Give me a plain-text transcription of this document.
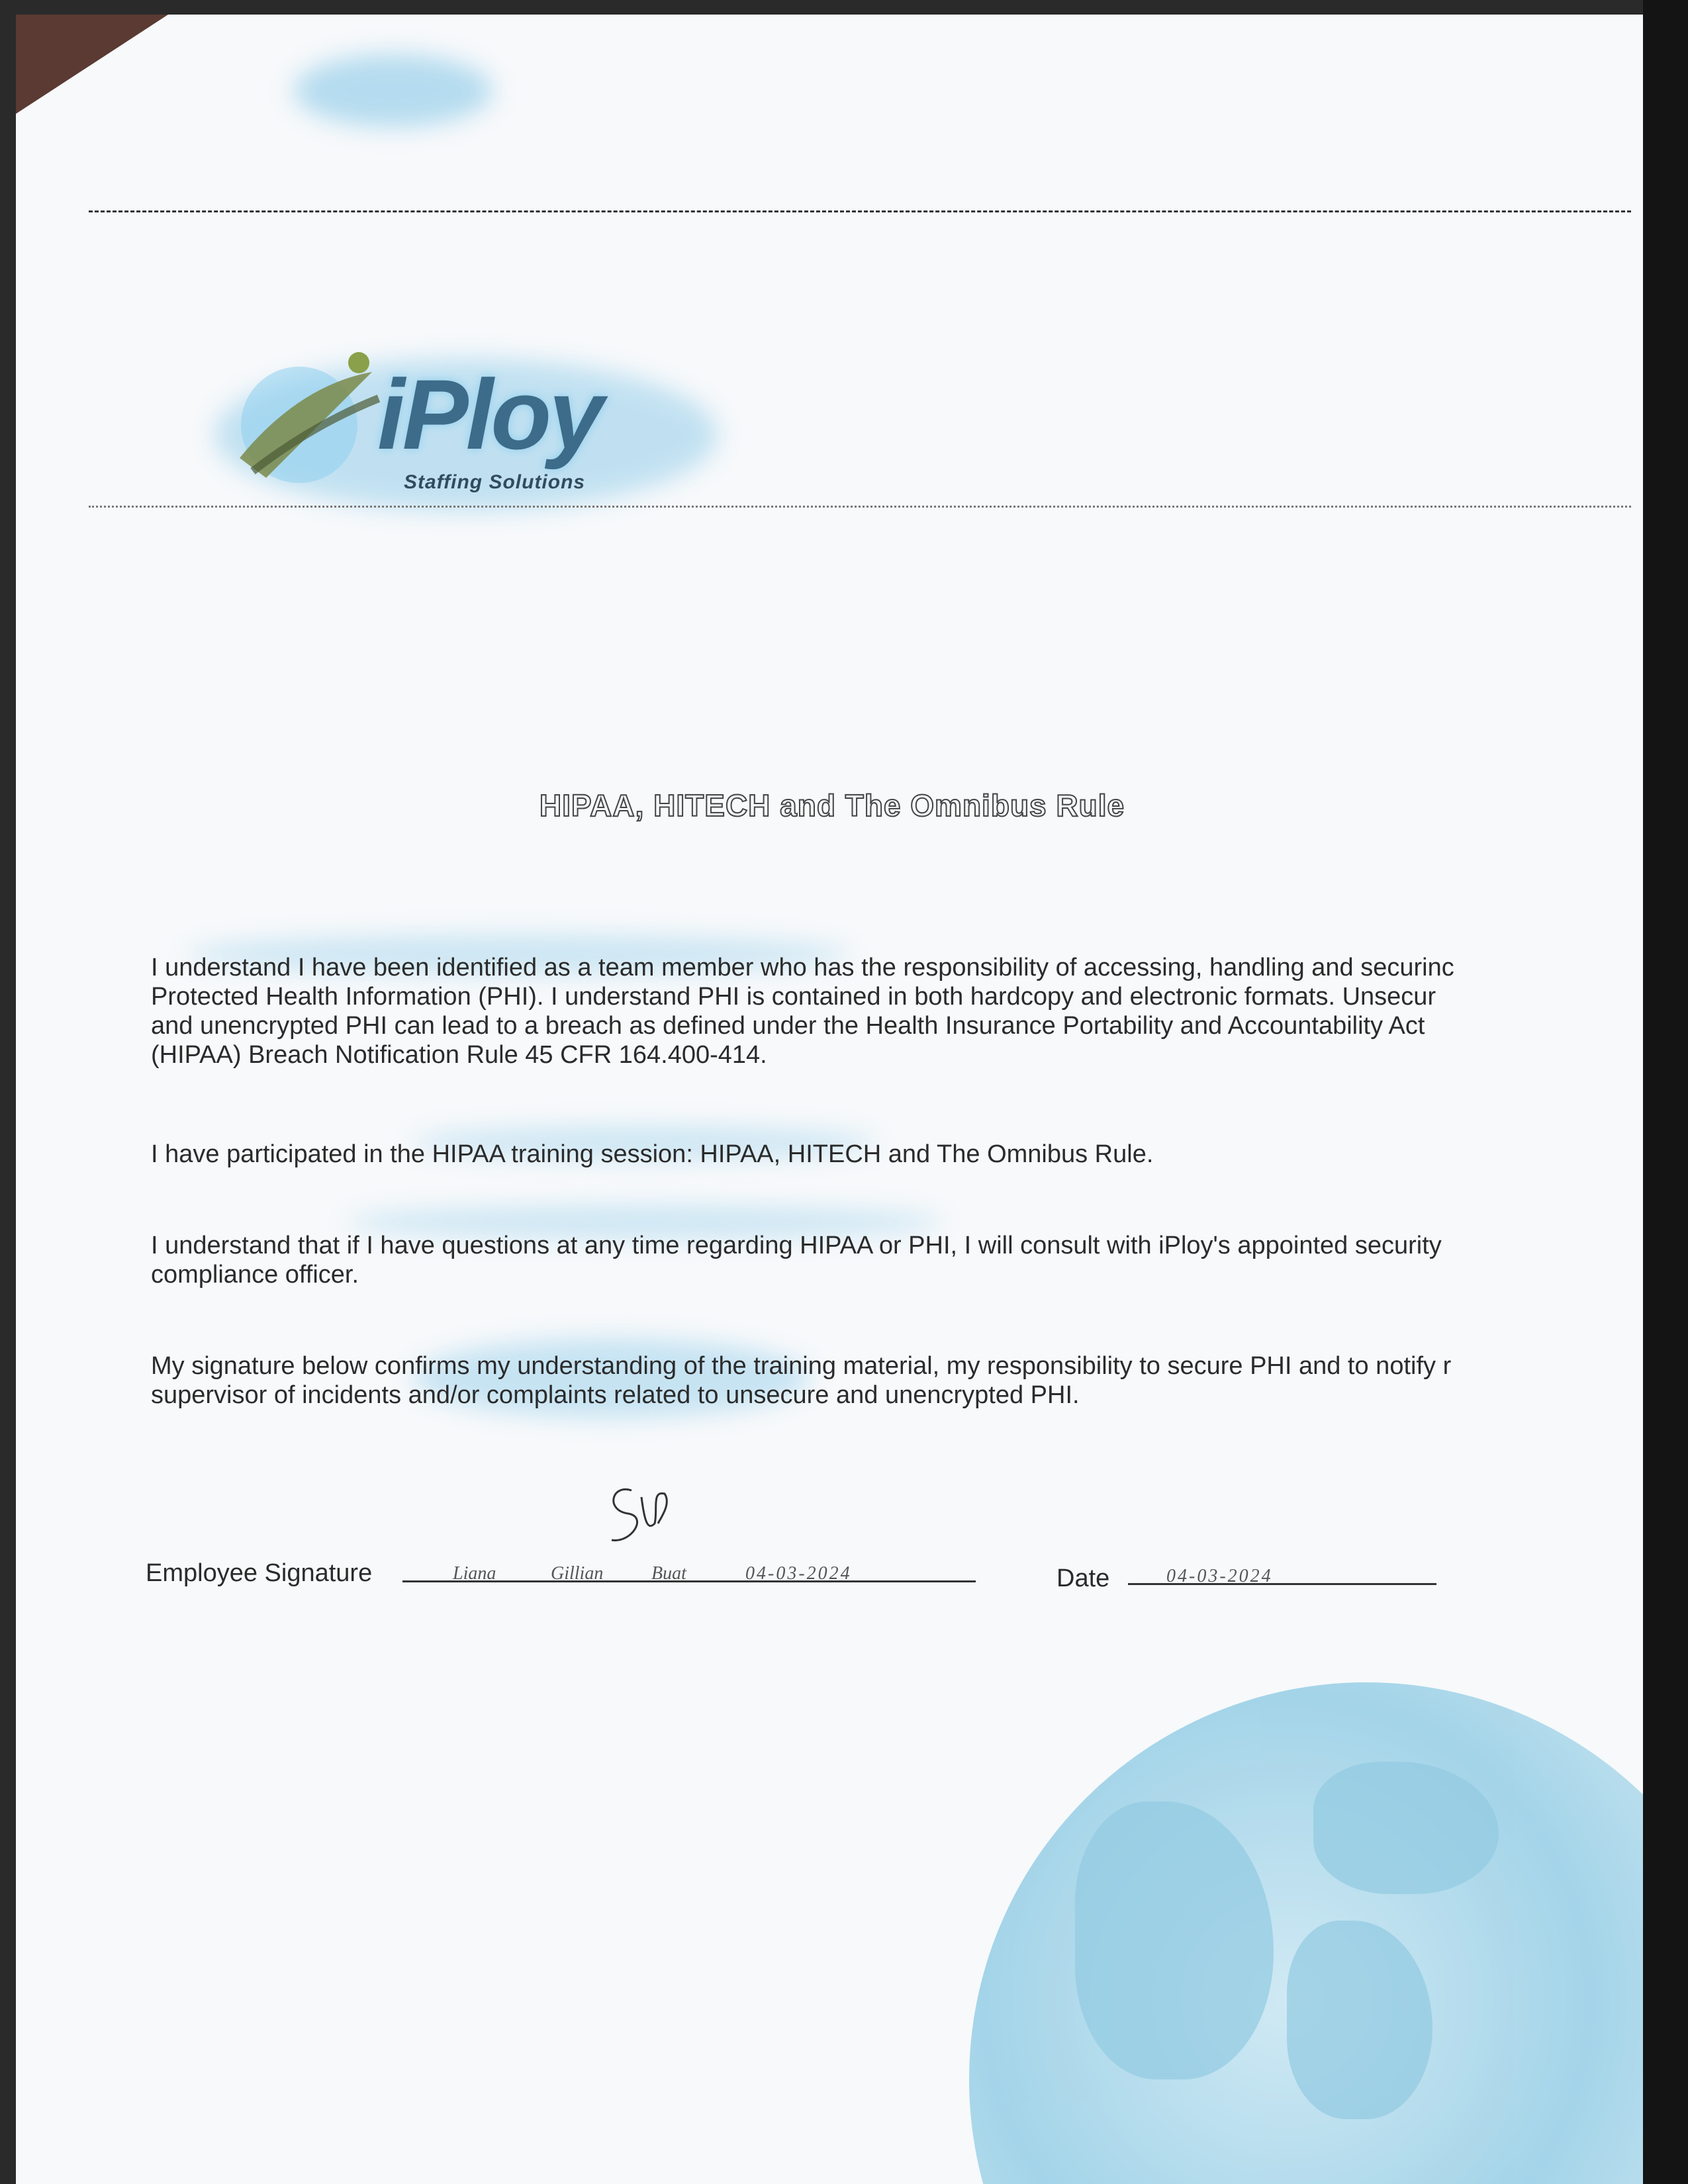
iPloy
Staffing Solutions
HIPAA, HITECH and The Omnibus Rule
I understand I have been identified as a team member who has the responsibility of accessing, handling and securinc
Protected Health Information (PHI). I understand PHI is contained in both hardcopy and electronic formats. Unsecur
and unencrypted PHI can lead to a breach as defined under the Health Insurance Portability and Accountability Act
(HIPAA) Breach Notification Rule 45 CFR 164.400-414.
I have participated in the HIPAA training session: HIPAA, HITECH and The Omnibus Rule.
I understand that if I have questions at any time regarding HIPAA or PHI, I will consult with iPloy's appointed security
compliance officer.
My signature below confirms my understanding of the training material, my responsibility to secure PHI and to notify r
supervisor of incidents and/or complaints related to unsecure and unencrypted PHI.
Employee Signature	Liana	Gillian	Buat	04-03-2024	Date	04-03-2024
